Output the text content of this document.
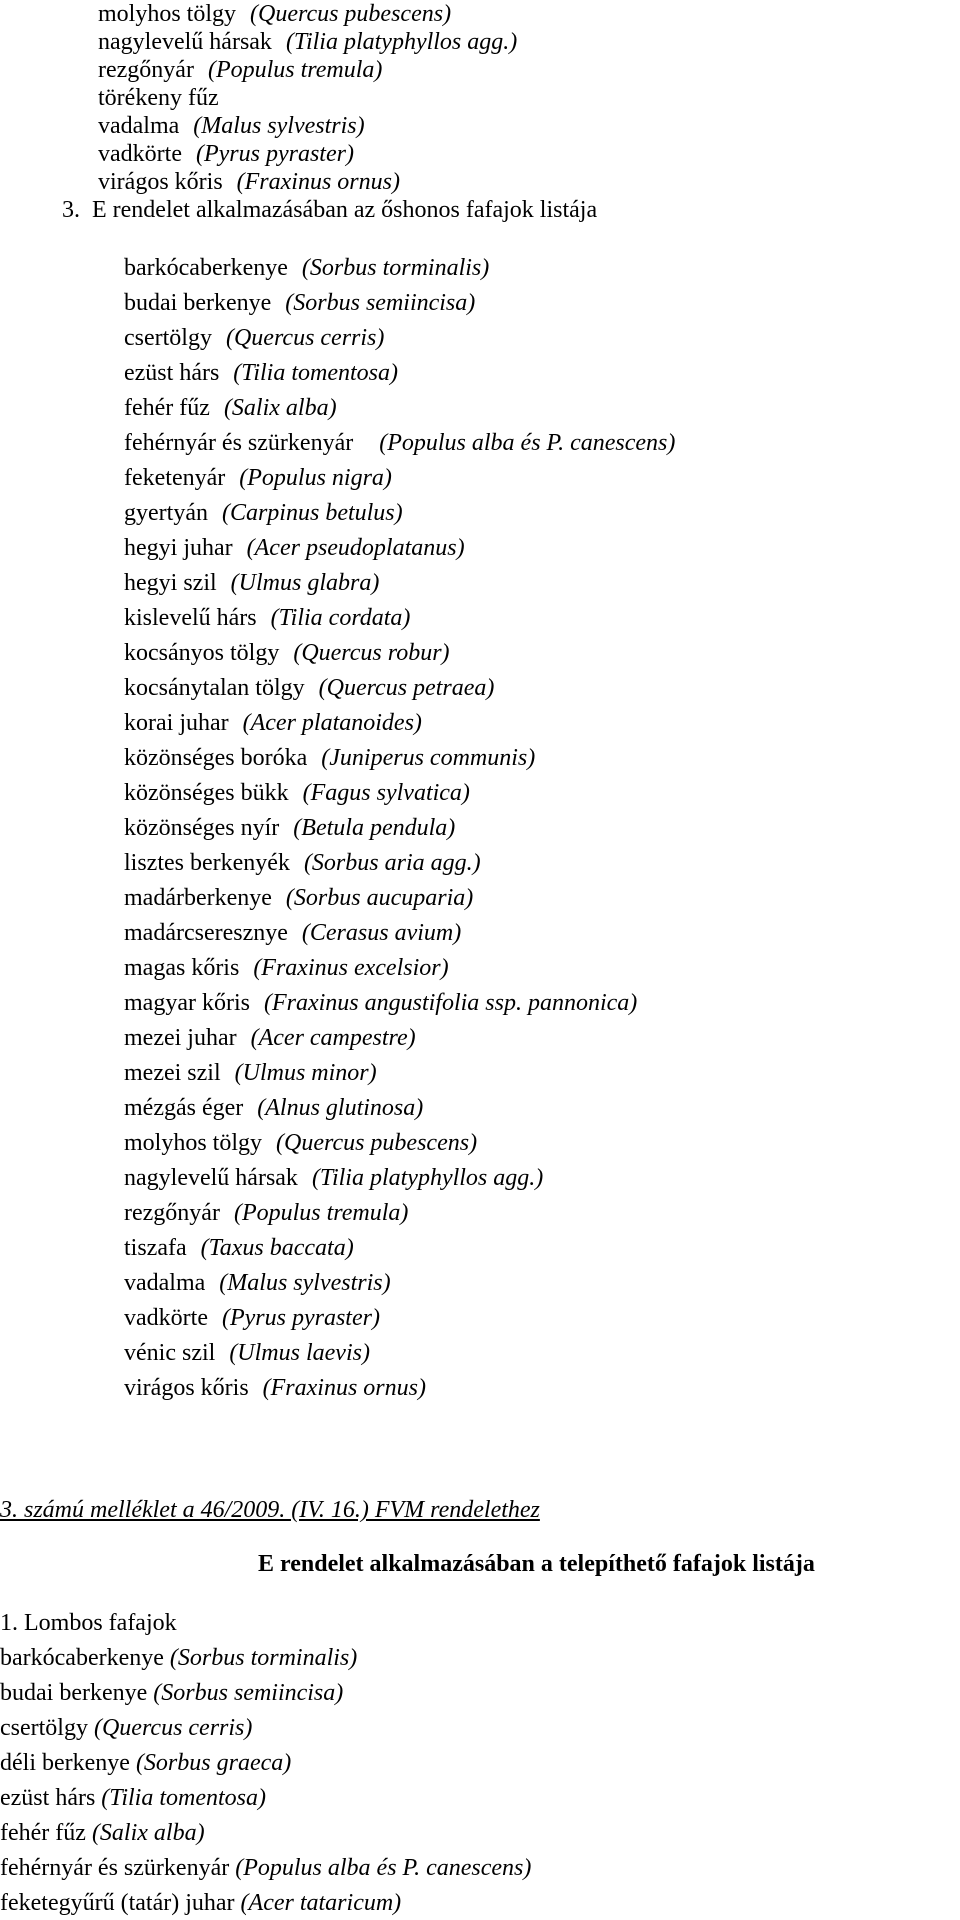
molyhos tölgy (Quercus pubescens)
nagylevelű hársak (Tilia platyphyllos agg.)
rezgőnyár (Populus tremula)
törékeny fűz
vadalma (Malus sylvestris)
vadkörte (Pyrus pyraster)
virágos kőris (Fraxinus ornus)
3. E rendelet alkalmazásában az őshonos fafajok listája
barkócaberkenye (Sorbus torminalis)
budai berkenye (Sorbus semiincisa)
csertölgy (Quercus cerris)
ezüst hárs (Tilia tomentosa)
fehér fűz (Salix alba)
fehérnyár és szürkenyár (Populus alba és P. canescens)
feketenyár (Populus nigra)
gyertyán (Carpinus betulus)
hegyi juhar (Acer pseudoplatanus)
hegyi szil (Ulmus glabra)
kislevelű hárs (Tilia cordata)
kocsányos tölgy (Quercus robur)
kocsánytalan tölgy (Quercus petraea)
korai juhar (Acer platanoides)
közönséges boróka (Juniperus communis)
közönséges bükk (Fagus sylvatica)
közönséges nyír (Betula pendula)
lisztes berkenyék (Sorbus aria agg.)
madárberkenye (Sorbus aucuparia)
madárcseresznye (Cerasus avium)
magas kőris (Fraxinus excelsior)
magyar kőris (Fraxinus angustifolia ssp. pannonica)
mezei juhar (Acer campestre)
mezei szil (Ulmus minor)
mézgás éger (Alnus glutinosa)
molyhos tölgy (Quercus pubescens)
nagylevelű hársak (Tilia platyphyllos agg.)
rezgőnyár (Populus tremula)
tiszafa (Taxus baccata)
vadalma (Malus sylvestris)
vadkörte (Pyrus pyraster)
vénic szil (Ulmus laevis)
virágos kőris (Fraxinus ornus)
3. számú melléklet a 46/2009. (IV. 16.) FVM rendelethez
E rendelet alkalmazásában a telepíthető fafajok listája
1. Lombos fafajok
barkócaberkenye (Sorbus torminalis)
budai berkenye (Sorbus semiincisa)
csertölgy (Quercus cerris)
déli berkenye (Sorbus graeca)
ezüst hárs (Tilia tomentosa)
fehér fűz (Salix alba)
fehérnyár és szürkenyár (Populus alba és P. canescens)
feketegyűrű (tatár) juhar (Acer tataricum)
